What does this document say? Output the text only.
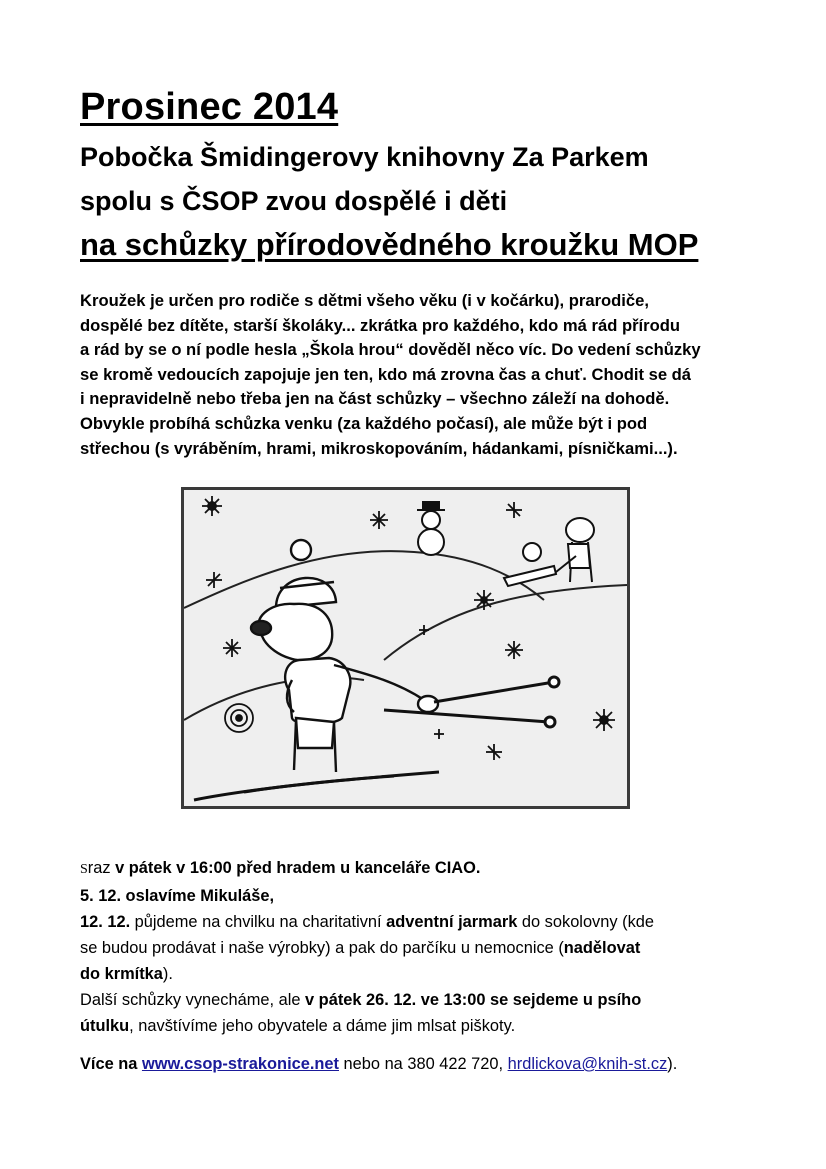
Prosinec 2014
Pobočka Šmidingerovy knihovny Za Parkem
spolu s ČSOP zvou dospělé i děti
na schůzky přírodovědného kroužku MOP
Kroužek je určen pro rodiče s dětmi všeho věku (i v kočárku), prarodiče,
dospělé bez dítěte, starší školáky... zkrátka pro každého, kdo má rád přírodu
a rád by se o ní podle hesla „Škola hrou“ dověděl něco víc. Do vedení schůzky
se kromě vedoucích zapojuje jen ten, kdo má zrovna čas a chuť. Chodit se dá
i nepravidelně nebo třeba jen na část schůzky – všechno záleží na dohodě.
Obvykle probíhá schůzka venku (za každého počasí), ale může být i pod
střechou (s vyráběním, hrami, mikroskopováním, hádankami, písničkami...).
Sraz v pátek v 16:00 před hradem u kanceláře CIAO.
5. 12. oslavíme Mikuláše,
12. 12. půjdeme na chvilku na charitativní adventní jarmark do sokolovny (kde
se budou prodávat i naše výrobky) a pak do parčíku u nemocnice (nadělovat
do krmítka).
Další schůzky vynecháme, ale v pátek 26. 12. ve 13:00 se sejdeme u psího
útulku, navštívíme jeho obyvatele a dáme jim mlsat piškoty.
Více na www.csop-strakonice.net nebo na 380 422 720, hrdlickova@knih-st.cz).
